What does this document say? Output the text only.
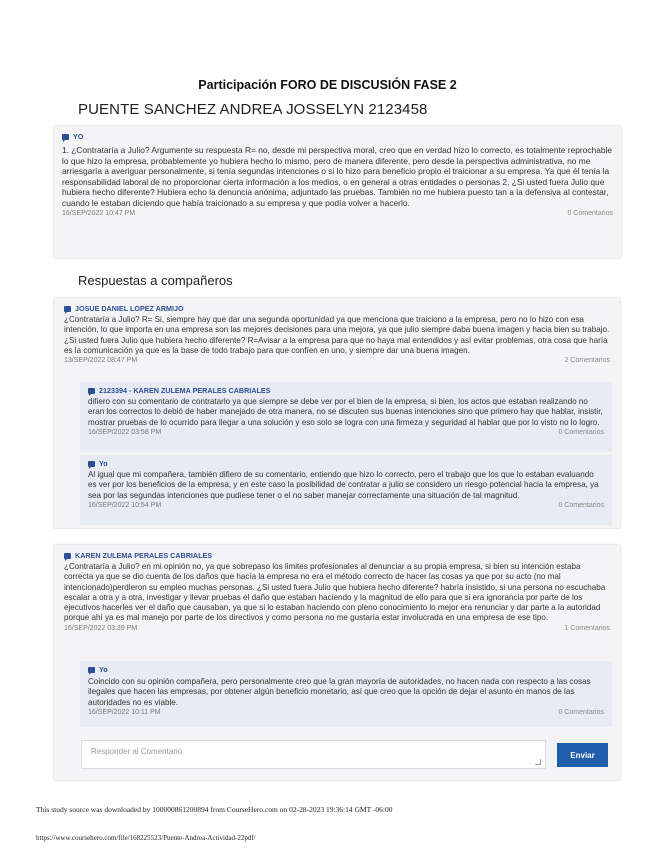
Participación FORO DE DISCUSIÓN FASE 2
PUENTE SANCHEZ ANDREA JOSSELYN 2123458
YO
1. ¿Contrataría a Julio? Argumente su respuesta R= no, desde mi perspectiva moral, creo que en verdad hizo lo correcto, es totalmente reprochable lo que hizo la empresa, probablemente yo hubiera hecho lo mismo, pero de manera diferente, pero desde la perspectiva administrativa, no me arriesgaría a averiguar personalmente, si tenía segundas intenciones o si lo hizo para beneficio propio el traicionar a su empresa. Ya que él tenía la responsabilidad laboral de no proporcionar cierta información a los medios, o en general a otras entidades o personas 2. ¿Si usted fuera Julio que hubiera hecho diferente? Hubiera echo la denuncia anónima, adjuntado las pruebas. También no me hubiera puesto tan a la defensiva al contestar, cuando le estaban diciendo que había traicionado a su empresa y que podía volver a hacerlo.
16/SEP/2022 10:47 PM	0 Comentarios
Respuestas a compañeros
JOSUE DANIEL LOPEZ ARMIJO
¿Contrataría a Julio? R= Si, siempre hay que dar una segunda oportunidad ya que menciona que traiciono a la empresa, pero no lo hizo con esa intención, lo que importa en una empresa son las mejores decisiones para una mejora, ya que julio siempre daba buena imagen y hacia bien su trabajo. ¿Si usted fuera Julio que hubiera hecho diferente? R=Avisar a la empresa para que no haya mal entendidos y así evitar problemas, otra cosa que haría es la comunicación ya que es la base de todo trabajo para que confíen en uno, y siempre dar una buena imagen.
13/SEP/2022 08:47 PM	2 Comentarios
2123394 - KAREN ZULEMA PERALES CABRIALES
difiero con su comentario de contratarlo ya que siempre se debe ver por el bien de la empresa, si bien, los actos que estaban realizando no eran los correctos lo debió de haber manejado de otra manera, no se discuten sus buenas intenciones sino que primero hay que hablar, insistir, mostrar pruebas de lo ocurrido para llegar a una solución y eso solo se logra con una firmeza y seguridad al hablar que por lo visto no lo logro.
16/SEP/2022 03:58 PM	0 Comentarios
Yo
Al igual que mi compañera, también difiero de su comentario, entiendo que hizo lo correcto, pero el trabajo que los que lo estaban evaluando es ver por los beneficios de la empresa, y en este caso la posibilidad de contratar a julio se considero un riesgo potencial hacia la empresa, ya sea por las segundas intenciones que pudiese tener o el no saber manejar correctamente una situación de tal magnitud.
16/SEP/2022 10:54 PM	0 Comentarios
KAREN ZULEMA PERALES CABRIALES
¿Contrataría a Julio? en mi opinión no, ya que sobrepaso los limites profesionales al denunciar a su propia empresa, si bien su intención estaba correcta ya que se dio cuenta de los daños que hacía la empresa no era el método correcto de hacer las cosas ya que por su acto (no mal intencionado)perdieron su empleo muchas personas. ¿Si usted fuera Julio que hubiera hecho diferente? habría insistido, si una persona no escuchaba escalar a otra y a otra, investigar y llevar pruebas el daño que estaban haciendo y la magnitud de ello para que si era ignorancia por parte de los ejecutivos hacerles ver el daño que causaban, ya que si lo estaban haciendo con pleno conocimiento lo mejor era renunciar y dar parte a la autoridad porque ahí ya es mal manejo por parte de los directivos y como persona no me gustaría estar involucrada en una empresa de ese tipo.
16/SEP/2022 03:39 PM	1 Comentarios
Yo
Coincido con su opinión compañera, pero personalmente creo que la gran mayoría de autoridades, no hacen nada con respecto a las cosas ilegales que hacen las empresas, por obtener algún beneficio monetario, así que creo que la opción de dejar el asunto en manos de las autoridades no es viable.
16/SEP/2022 10:11 PM	0 Comentarios
Responder al Comentario	Enviar
This study source was downloaded by 100000861200894 from CourseHero.com on 02-28-2023 19:36:14 GMT -06:00
https://www.coursehero.com/file/168225523/Puente-Andrea-Actividad-22pdf/
